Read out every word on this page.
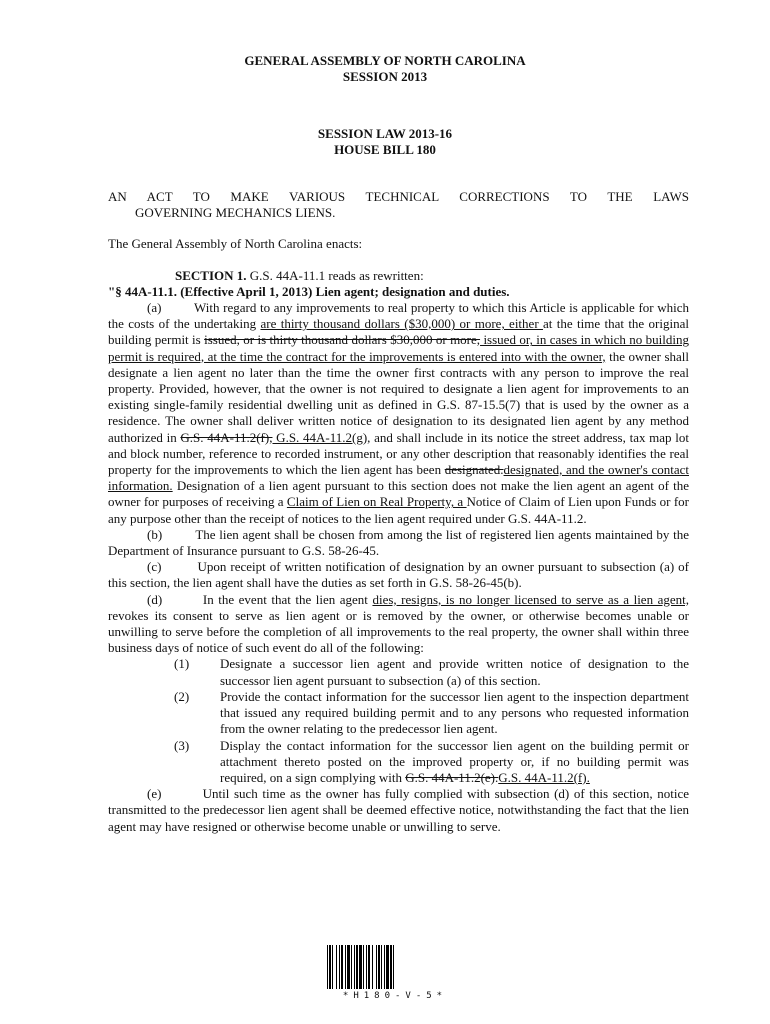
GENERAL ASSEMBLY OF NORTH CAROLINA
SESSION 2013
SESSION LAW 2013-16
HOUSE BILL 180
AN ACT TO MAKE VARIOUS TECHNICAL CORRECTIONS TO THE LAWS
GOVERNING MECHANICS LIENS.

The General Assembly of North Carolina enacts:

SECTION 1. G.S. 44A-11.1 reads as rewritten:

"§ 44A-11.1. (Effective April 1, 2013) Lien agent; designation and duties.

(a)	With regard to any improvements to real property to which this Article is applicable for which the costs of the undertaking are thirty thousand dollars ($30,000) or more, either at the time that the original building permit is issued, or is thirty thousand dollars $30,000 or more, issued or, in cases in which no building permit is required, at the time the contract for the improvements is entered into with the owner, the owner shall designate a lien agent no later than the time the owner first contracts with any person to improve the real property. Provided, however, that the owner is not required to designate a lien agent for improvements to an existing single-family residential dwelling unit as defined in G.S. 87-15.5(7) that is used by the owner as a residence. The owner shall deliver written notice of designation to its designated lien agent by any method authorized in G.S. 44A-11.2(f), G.S. 44A-11.2(g), and shall include in its notice the street address, tax map lot and block number, reference to recorded instrument, or any other description that reasonably identifies the real property for the improvements to which the lien agent has been designated.designated, and the owner's contact information. Designation of a lien agent pursuant to this section does not make the lien agent an agent of the owner for purposes of receiving a Claim of Lien on Real Property, a Notice of Claim of Lien upon Funds or for any purpose other than the receipt of notices to the lien agent required under G.S. 44A-11.2.

(b)	The lien agent shall be chosen from among the list of registered lien agents maintained by the Department of Insurance pursuant to G.S. 58-26-45.

(c)	Upon receipt of written notification of designation by an owner pursuant to subsection (a) of this section, the lien agent shall have the duties as set forth in G.S. 58-26-45(b).

(d)	In the event that the lien agent dies, resigns, is no longer licensed to serve as a lien agent, revokes its consent to serve as lien agent or is removed by the owner, or otherwise becomes unable or unwilling to serve before the completion of all improvements to the real property, the owner shall within three business days of notice of such event do all of the following:

(1)	Designate a successor lien agent and provide written notice of designation to the successor lien agent pursuant to subsection (a) of this section.
(2)	Provide the contact information for the successor lien agent to the inspection department that issued any required building permit and to any persons who requested information from the owner relating to the predecessor lien agent.
(3)	Display the contact information for the successor lien agent on the building permit or attachment thereto posted on the improved property or, if no building permit was required, on a sign complying with G.S. 44A-11.2(e).G.S. 44A-11.2(f).

(e)	Until such time as the owner has fully complied with subsection (d) of this section, notice transmitted to the predecessor lien agent shall be deemed effective notice, notwithstanding the fact that the lien agent may have resigned or otherwise become unable or unwilling to serve.

*H180-V-5*
